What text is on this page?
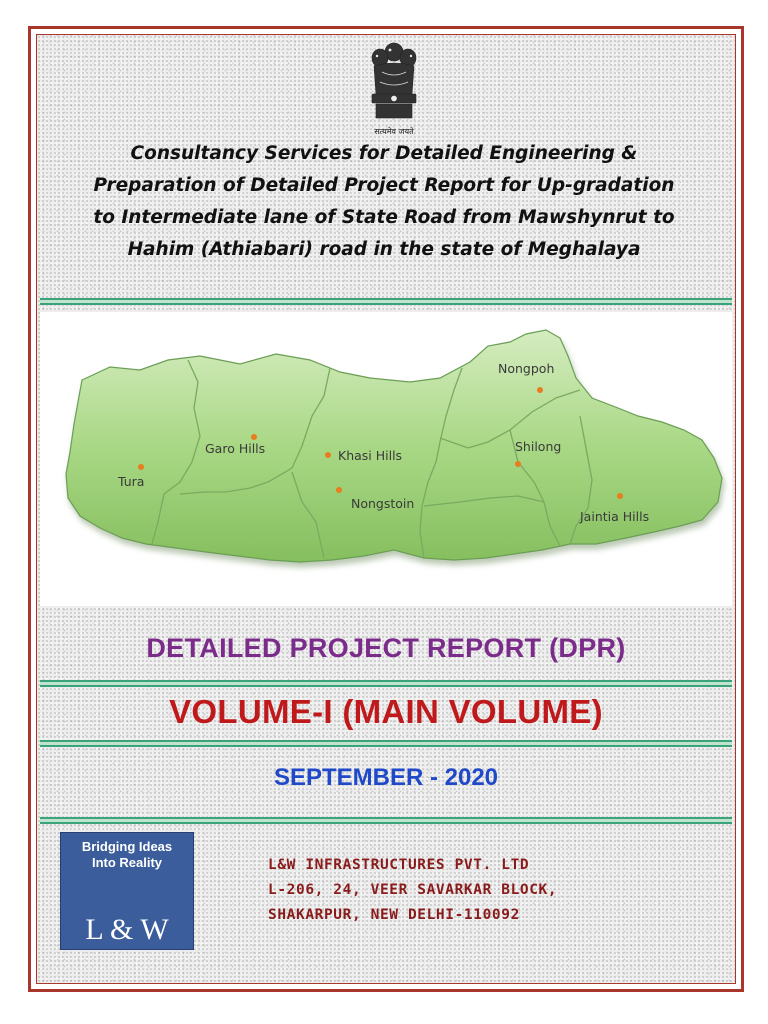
सत्यमेव जयते
Consultancy Services for Detailed Engineering &
Preparation of Detailed Project Report for Up-gradation
to Intermediate lane of State Road from Mawshynrut to
Hahim (Athiabari) road in the state of Meghalaya
Nongpoh
Garo Hills	Khasi Hills
Shilong
Tura
Nongstoin
Jaintia Hills
DETAILED PROJECT REPORT (DPR)
VOLUME-I (MAIN VOLUME)
SEPTEMBER - 2020
Bridging Ideas
Into Reality
L & W
L&W INFRASTRUCTURES PVT. LTD
L-206, 24, VEER SAVARKAR BLOCK,
SHAKARPUR, NEW DELHI-110092
